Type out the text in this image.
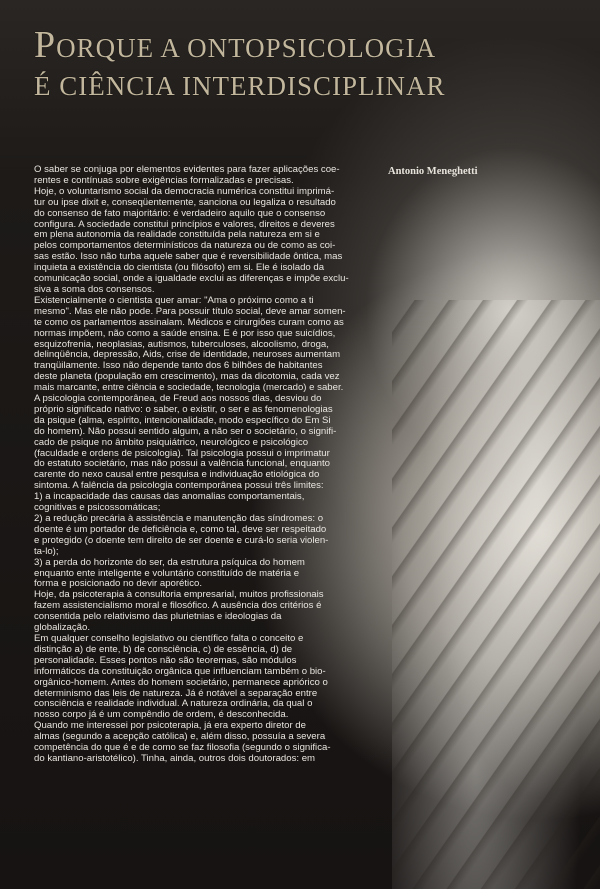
PORQUE A ONTOPSICOLOGIA
É CIÊNCIA INTERDISCIPLINAR
Antonio Meneghetti

O saber se conjuga por elementos evidentes para fazer aplicações coe-
rentes e contínuas sobre exigências formalizadas e precisas.

Hoje, o voluntarismo social da democracia numérica constitui imprimá-
tur ou ipse dixit e, conseqüentemente, sanciona ou legaliza o resultado
do consenso de fato majoritário: é verdadeiro aquilo que o consenso
configura. A sociedade constitui princípios e valores, direitos e deveres
em plena autonomia da realidade constituída pela natureza em si e
pelos comportamentos determinísticos da natureza ou de como as coi-
sas estão. Isso não turba aquele saber que é reversibilidade ôntica, mas
inquieta a existência do cientista (ou filósofo) em si. Ele é isolado da
comunicação social, onde a igualdade exclui as diferenças e impõe exclu-
siva a soma dos consensos.

Existencialmente o cientista quer amar: "Ama o próximo como a ti
mesmo". Mas ele não pode. Para possuir título social, deve amar somen-
te como os parlamentos assinalam. Médicos e cirurgiões curam como as
normas impõem, não como a saúde ensina. E é por isso que suicídios,
esquizofrenia, neoplasias, autismos, tuberculoses, alcoolismo, droga,
delinqüência, depressão, Aids, crise de identidade, neuroses aumentam
tranqüilamente. Isso não depende tanto dos 6 bilhões de habitantes
deste planeta (população em crescimento), mas da dicotomia, cada vez
mais marcante, entre ciência e sociedade, tecnologia (mercado) e saber.

A psicologia contemporânea, de Freud aos nossos dias, desviou do
próprio significado nativo: o saber, o existir, o ser e as fenomenologias
da psique (alma, espírito, intencionalidade, modo específico do Em Si
do homem). Não possui sentido algum, a não ser o societário, o signifi-
cado de psique no âmbito psiquiátrico, neurológico e psicológico
(faculdade e ordens de psicologia). Tal psicologia possui o imprimatur
do estatuto societário, mas não possui a valência funcional, enquanto
carente do nexo causal entre pesquisa e individuação etiológica do
sintoma. A falência da psicologia contemporânea possui três limites:

1) a incapacidade das causas das anomalias comportamentais,
cognitivas e psicossomáticas;

2) a redução precária à assistência e manutenção das síndromes: o
doente é um portador de deficiência e, como tal, deve ser respeitado
e protegido (o doente tem direito de ser doente e curá-lo seria violen-
ta-lo);

3) a perda do horizonte do ser, da estrutura psíquica do homem
enquanto ente inteligente e voluntário constituído de matéria e
forma e posicionado no devir aporético.

Hoje, da psicoterapia à consultoria empresarial, muitos profissionais
fazem assistencialismo moral e filosófico. A ausência dos critérios é
consentida pelo relativismo das plurietnias e ideologias da
globalização.

Em qualquer conselho legislativo ou científico falta o conceito e
distinção a) de ente, b) de consciência, c) de essência, d) de
personalidade. Esses pontos não são teoremas, são módulos
informáticos da constituição orgânica que influenciam também o bio-
orgânico-homem. Antes do homem societário, permanece apriórico o
determinismo das leis de natureza. Já é notável a separação entre
consciência e realidade individual. A natureza ordinária, da qual o
nosso corpo já é um compêndio de ordem, é desconhecida.

Quando me interessei por psicoterapia, já era experto diretor de
almas (segundo a acepção católica) e, além disso, possuía a severa
competência do que é e de como se faz filosofia (segundo o significa-
do kantiano-aristotélico). Tinha, ainda, outros dois doutorados: em
